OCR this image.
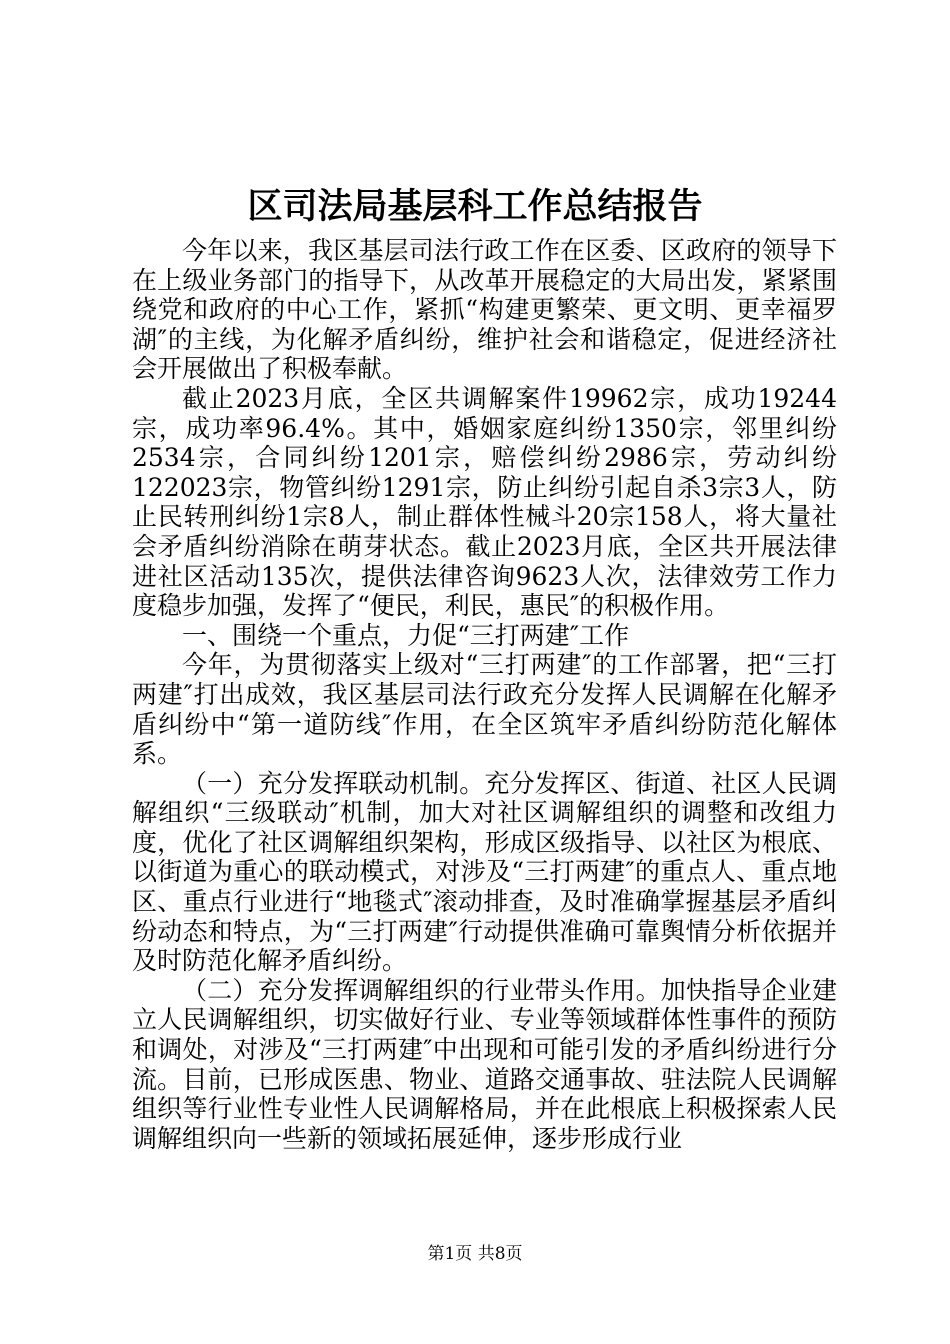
区司法局基层科工作总结报告

今年以来，我区基层司法行政工作在区委、区政府的领导下在上级业务部门的指导下，从改革开展稳定的大局出发，紧紧围绕党和政府的中心工作，紧抓“构建更繁荣、更文明、更幸福罗湖″的主线，为化解矛盾纠纷，维护社会和谐稳定，促进经济社会开展做出了积极奉献。

截止2023月底，全区共调解案件19962宗，成功19244宗，成功率96.4%。其中，婚姻家庭纠纷1350宗，邻里纠纷2534宗，合同纠纷1201宗，赔偿纠纷2986宗，劳动纠纷122023宗，物管纠纷1291宗，防止纠纷引起自杀3宗3人，防止民转刑纠纷1宗8人，制止群体性械斗20宗158人，将大量社会矛盾纠纷消除在萌芽状态。截止2023月底，全区共开展法律进社区活动135次，提供法律咨询9623人次，法律效劳工作力度稳步加强，发挥了“便民，利民，惠民″的积极作用。

一、围绕一个重点，力促“三打两建″工作

今年，为贯彻落实上级对“三打两建″的工作部署，把“三打两建″打出成效，我区基层司法行政充分发挥人民调解在化解矛盾纠纷中“第一道防线″作用，在全区筑牢矛盾纠纷防范化解体系。

（一）充分发挥联动机制。充分发挥区、街道、社区人民调解组织“三级联动″机制，加大对社区调解组织的调整和改组力度，优化了社区调解组织架构，形成区级指导、以社区为根底、以街道为重心的联动模式，对涉及“三打两建″的重点人、重点地区、重点行业进行“地毯式″滚动排查，及时准确掌握基层矛盾纠纷动态和特点，为“三打两建″行动提供准确可靠舆情分析依据并及时防范化解矛盾纠纷。

（二）充分发挥调解组织的行业带头作用。加快指导企业建立人民调解组织，切实做好行业、专业等领域群体性事件的预防和调处，对涉及“三打两建″中出现和可能引发的矛盾纠纷进行分流。目前，已形成医患、物业、道路交通事故、驻法院人民调解组织等行业性专业性人民调解格局，并在此根底上积极探索人民调解组织向一些新的领域拓展延伸，逐步形成行业

第1页 共8页
